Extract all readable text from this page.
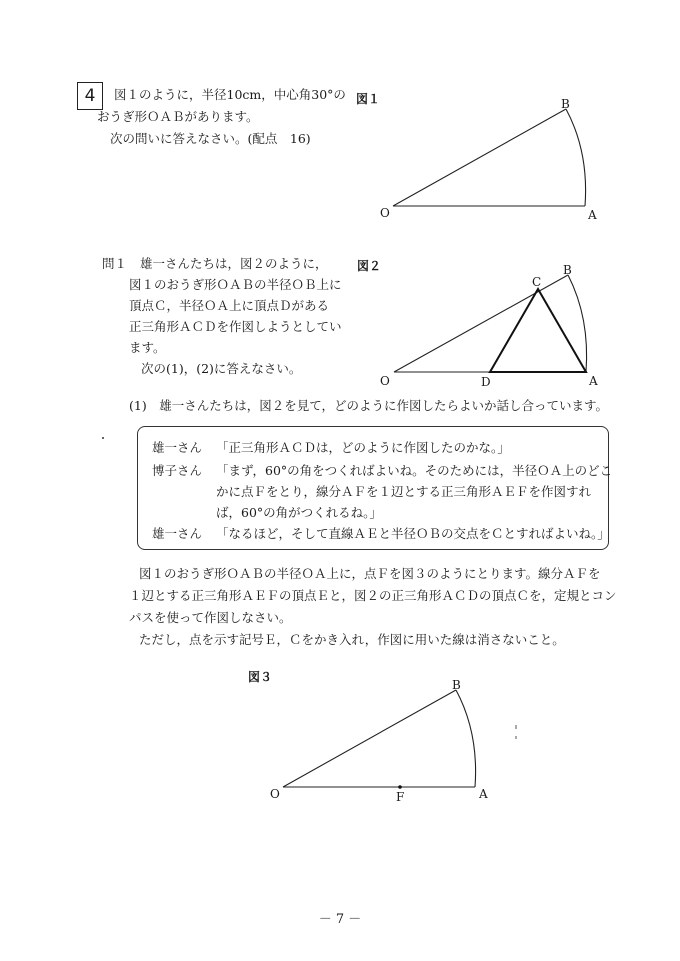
4	図１のように，半径10cm，中心角30°の
おうぎ形ＯＡＢがあります。
次の問いに答えなさい。(配点　16)
図１
O	A
B
問１ 雄一さんたちは，図２のように，
図１のおうぎ形ＯＡＢの半径ＯＢ上に
頂点Ｃ，半径ＯＡ上に頂点Ｄがある
正三角形ＡＣＤを作図しようとしてい
ます。
次の(1)，(2)に答えなさい。
図２
O	A
B
C
D
(1)　雄一さんたちは，図２を見て，どのように作図したらよいか話し合っています。
雄一さん 「正三角形ＡＣＤは，どのように作図したのかな。」
博子さん 「まず，60°の角をつくればよいね。そのためには，半径ＯＡ上のどこ
かに点Ｆをとり，線分ＡＦを１辺とする正三角形ＡＥＦを作図すれ
ば，60°の角がつくれるね。」
雄一さん 「なるほど，そして直線ＡＥと半径ＯＢの交点をＣとすればよいね。」
図１のおうぎ形ＯＡＢの半径ＯＡ上に，点Ｆを図３のようにとります。線分ＡＦを
１辺とする正三角形ＡＥＦの頂点Ｅと，図２の正三角形ＡＣＤの頂点Ｃを，定規とコン
パスを使って作図しなさい。
ただし，点を示す記号Ｅ，Ｃをかき入れ，作図に用いた線は消さないこと。
図３
O	A
B
F
－ 7 －
